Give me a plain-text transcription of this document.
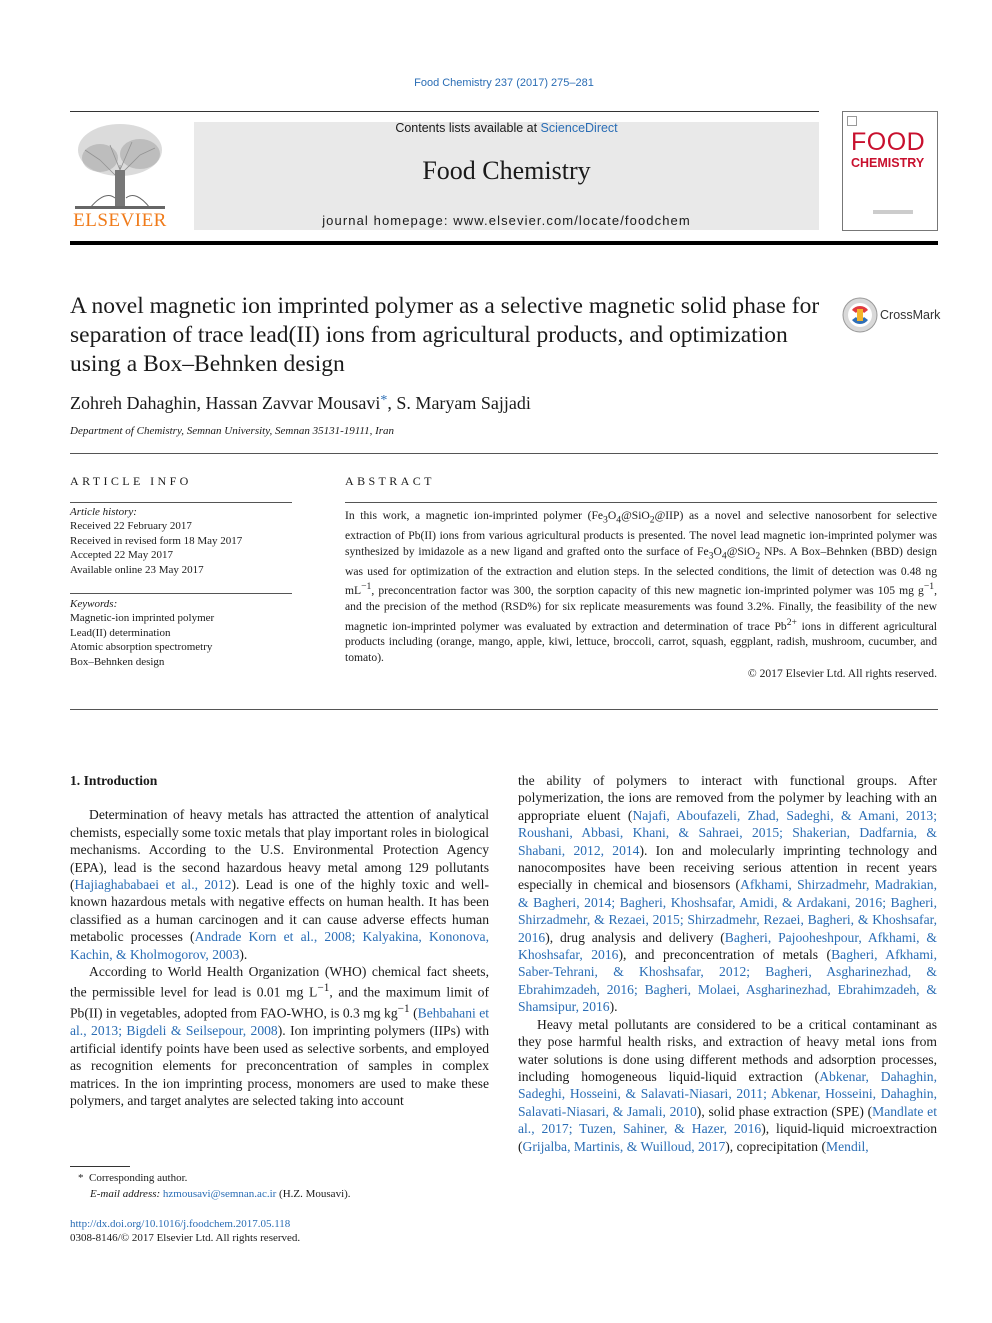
Food Chemistry 237 (2017) 275–281
ELSEVIER
Contents lists available at ScienceDirect
Food Chemistry
journal homepage: www.elsevier.com/locate/foodchem
FOOD
CHEMISTRY
A novel magnetic ion imprinted polymer as a selective magnetic solid phase for separation of trace lead(II) ions from agricultural products, and optimization using a Box–Behnken design
CrossMark
Zohreh Dahaghin, Hassan Zavvar Mousavi*, S. Maryam Sajjadi
Department of Chemistry, Semnan University, Semnan 35131-19111, Iran
ARTICLE INFO
Article history:
Received 22 February 2017
Received in revised form 18 May 2017
Accepted 22 May 2017
Available online 23 May 2017
Keywords:
Magnetic-ion imprinted polymer
Lead(II) determination
Atomic absorption spectrometry
Box–Behnken design
ABSTRACT
In this work, a magnetic ion-imprinted polymer $(Fe_3O_4@SiO_2@IIP)$ as a novel and selective nanosorbent for selective extraction of Pb(II) ions from various agricultural products is presented. The novel lead magnetic ion-imprinted polymer was synthesized by imidazole as a new ligand and grafted onto the surface of $Fe_3O_4@SiO_2$ NPs. A Box–Behnken (BBD) design was used for optimization of the extraction and elution steps. In the selected conditions, the limit of detection was 0.48 ng $mL^{-1}$, preconcentration factor was 300, the sorption capacity of this new magnetic ion-imprinted polymer was 105 mg $g^{-1}$, and the precision of the method (RSD%) for six replicate measurements was found 3.2%. Finally, the feasibility of the new magnetic ion-imprinted polymer was evaluated by extraction and determination of trace $Pb^{2+}$ ions in different agricultural products including (orange, mango, apple, kiwi, lettuce, broccoli, carrot, squash, eggplant, radish, mushroom, cucumber, and tomato).
© 2017 Elsevier Ltd. All rights reserved.

1. Introduction

Determination of heavy metals has attracted the attention of analytical chemists, especially some toxic metals that play important roles in biological mechanisms. According to the U.S. Environmental Protection Agency (EPA), lead is the second hazardous heavy metal among 129 pollutants (Hajiaghababaei et al., 2012). Lead is one of the highly toxic and well-known hazardous metals with negative effects on human health. It has been classified as a human carcinogen and it can cause adverse effects human metabolic processes (Andrade Korn et al., 2008; Kalyakina, Kononova, Kachin, & Kholmogorov, 2003).

According to World Health Organization (WHO) chemical fact sheets, the permissible level for lead is 0.01 mg $L^{-1}$, and the maximum limit of Pb(II) in vegetables, adopted from FAO-WHO, is 0.3 mg $kg^{-1}$ (Behbahani et al., 2013; Bigdeli & Seilsepour, 2008). Ion imprinting polymers (IIPs) with artificial identify points have been used as selective sorbents, and employed as recognition elements for preconcentration of samples in complex matrices. In the ion imprinting process, monomers are used to make these polymers, and target analytes are selected taking into account

the ability of polymers to interact with functional groups. After polymerization, the ions are removed from the polymer by leaching with an appropriate eluent (Najafi, Aboufazeli, Zhad, Sadeghi, & Amani, 2013; Roushani, Abbasi, Khani, & Sahraei, 2015; Shakerian, Dadfarnia, & Shabani, 2012, 2014). Ion and molecularly imprinting technology and nanocomposites have been receiving serious attention in recent years especially in chemical and biosensors (Afkhami, Shirzadmehr, Madrakian, & Bagheri, 2014; Bagheri, Khoshsafar, Amidi, & Ardakani, 2016; Bagheri, Shirzadmehr, & Rezaei, 2015; Shirzadmehr, Rezaei, Bagheri, & Khoshsafar, 2016), drug analysis and delivery (Bagheri, Pajooheshpour, Afkhami, & Khoshsafar, 2016), and preconcentration of metals (Bagheri, Afkhami, Saber-Tehrani, & Khoshsafar, 2012; Bagheri, Asgharinezhad, & Ebrahimzadeh, 2016; Bagheri, Molaei, Asgharinezhad, Ebrahimzadeh, & Shamsipur, 2016).

Heavy metal pollutants are considered to be a critical contaminant as they pose harmful health risks, and extraction of heavy metal ions from water solutions is done using different methods and adsorption processes, including homogeneous liquid-liquid extraction (Abkenar, Dahaghin, Sadeghi, Hosseini, & Salavati-Niasari, 2011; Abkenar, Hosseini, Dahaghin, Salavati-Niasari, & Jamali, 2010), solid phase extraction (SPE) (Mandlate et al., 2017; Tuzen, Sahiner, & Hazer, 2016), liquid-liquid microextraction (Grijalba, Martinis, & Wuilloud, 2017), coprecipitation (Mendil,

* Corresponding author.
E-mail address: hzmousavi@semnan.ac.ir (H.Z. Mousavi).
http://dx.doi.org/10.1016/j.foodchem.2017.05.118
0308-8146/© 2017 Elsevier Ltd. All rights reserved.
